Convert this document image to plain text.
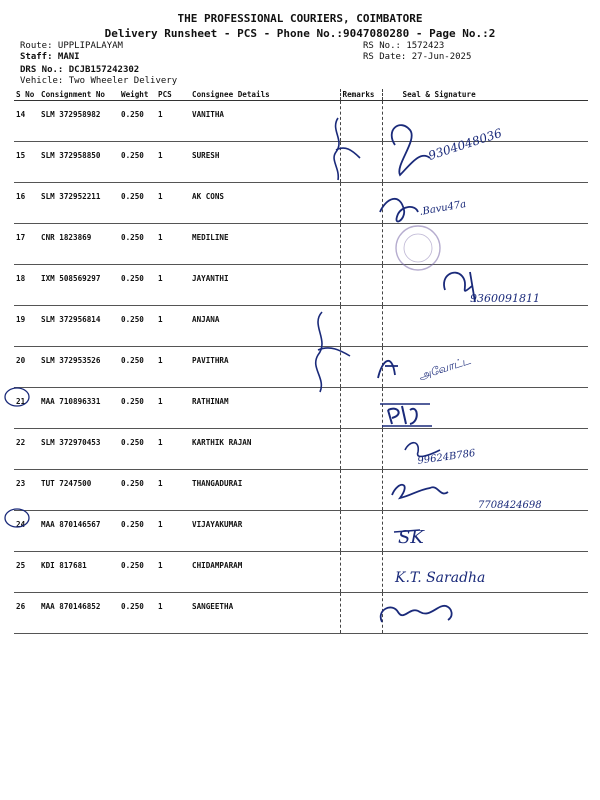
THE PROFESSIONAL COURIERS, COIMBATORE
Delivery Runsheet - PCS - Phone No.:9047080280 - Page No.:2
Route: UPPLIPALAYAM
Staff: MANI
DRS No.: DCJB157242302
Vehicle: Two Wheeler Delivery
RS No.: 1572423
RS Date: 27-Jun-2025
S No	Consignment No	Weight	PCS	Consignee Details	Remarks	Seal & Signature
14	SLM 372958982	0.250	1	VANITHA		
15	SLM 372958850	0.250	1	SURESH		
16	SLM 372952211	0.250	1	AK CONS		
17	CNR 1823869	0.250	1	MEDILINE		
18	IXM 508569297	0.250	1	JAYANTHI		
19	SLM 372956814	0.250	1	ANJANA		
20	SLM 372953526	0.250	1	PAVITHRA		
21	MAA 710896331	0.250	1	RATHINAM		
22	SLM 372970453	0.250	1	KARTHIK RAJAN		
23	TUT 7247500	0.250	1	THANGADURAI		
24	MAA 870146567	0.250	1	VIJAYAKUMAR		
25	KDI 817681	0.250	1	CHIDAMPARAM		
26	MAA 870146852	0.250	1	SANGEETHA		
9304048036
.Bavu47a
9360091811
அவோட்ட
99624B786
7708424698
SK
K.T. Saradha
